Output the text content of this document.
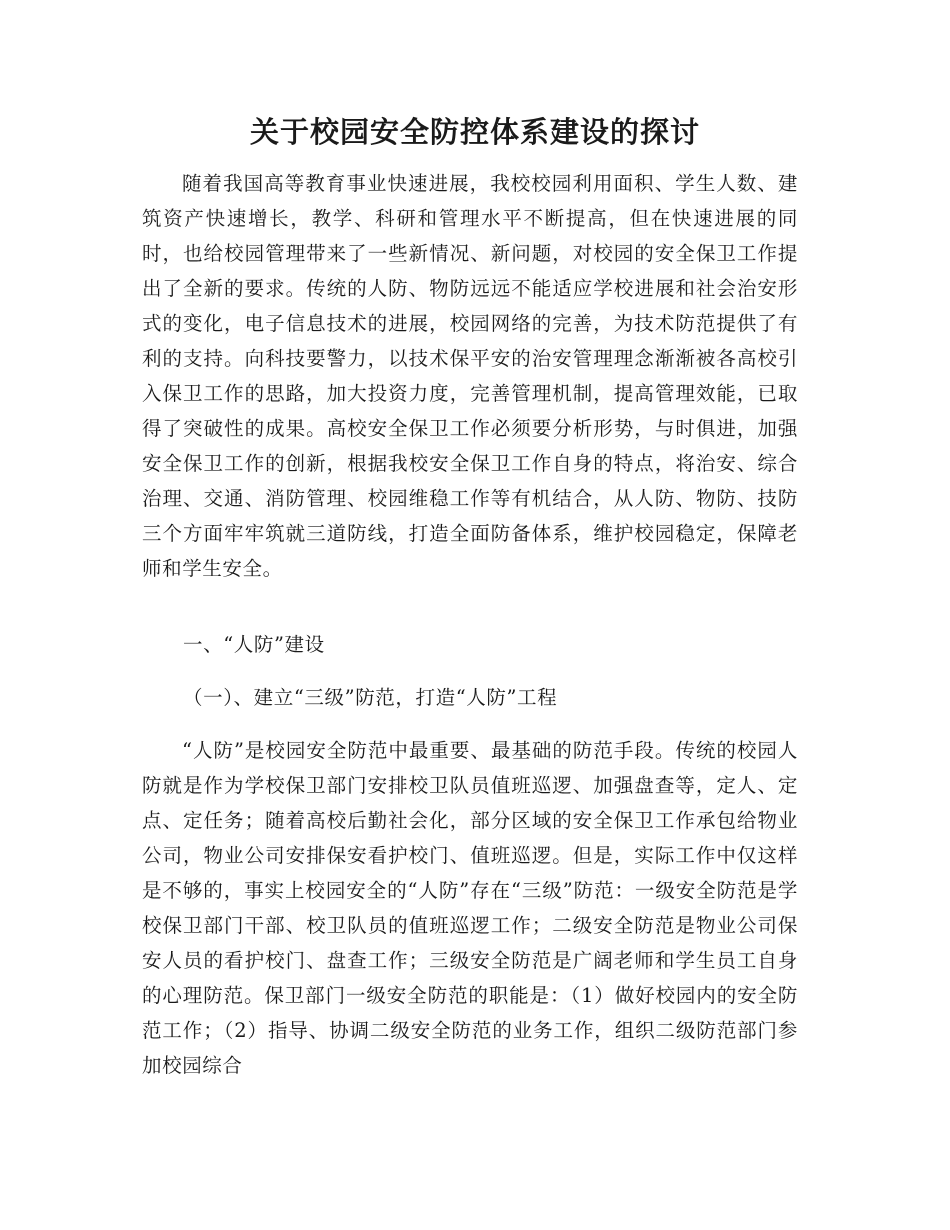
关于校园安全防控体系建设的探讨

随着我国高等教育事业快速进展，我校校园利用面积、学生人数、建筑资产快速增长，教学、科研和管理水平不断提高，但在快速进展的同时，也给校园管理带来了一些新情况、新问题，对校园的安全保卫工作提出了全新的要求。传统的人防、物防远远不能适应学校进展和社会治安形式的变化，电子信息技术的进展，校园网络的完善，为技术防范提供了有利的支持。向科技要警力，以技术保平安的治安管理理念渐渐被各高校引入保卫工作的思路，加大投资力度，完善管理机制，提高管理效能，已取得了突破性的成果。高校安全保卫工作必须要分析形势，与时俱进，加强安全保卫工作的创新，根据我校安全保卫工作自身的特点，将治安、综合治理、交通、消防管理、校园维稳工作等有机结合，从人防、物防、技防三个方面牢牢筑就三道防线，打造全面防备体系，维护校园稳定，保障老师和学生安全。

一、“人防”建设

（一）、建立“三级”防范，打造“人防”工程

“人防”是校园安全防范中最重要、最基础的防范手段。传统的校园人防就是作为学校保卫部门安排校卫队员值班巡逻、加强盘查等，定人、定点、定任务；随着高校后勤社会化，部分区域的安全保卫工作承包给物业公司，物业公司安排保安看护校门、值班巡逻。但是，实际工作中仅这样是不够的，事实上校园安全的“人防”存在“三级”防范：一级安全防范是学校保卫部门干部、校卫队员的值班巡逻工作；二级安全防范是物业公司保安人员的看护校门、盘查工作；三级安全防范是广阔老师和学生员工自身的心理防范。保卫部门一级安全防范的职能是：（1）做好校园内的安全防范工作；（2）指导、协调二级安全防范的业务工作，组织二级防范部门参加校园综合
